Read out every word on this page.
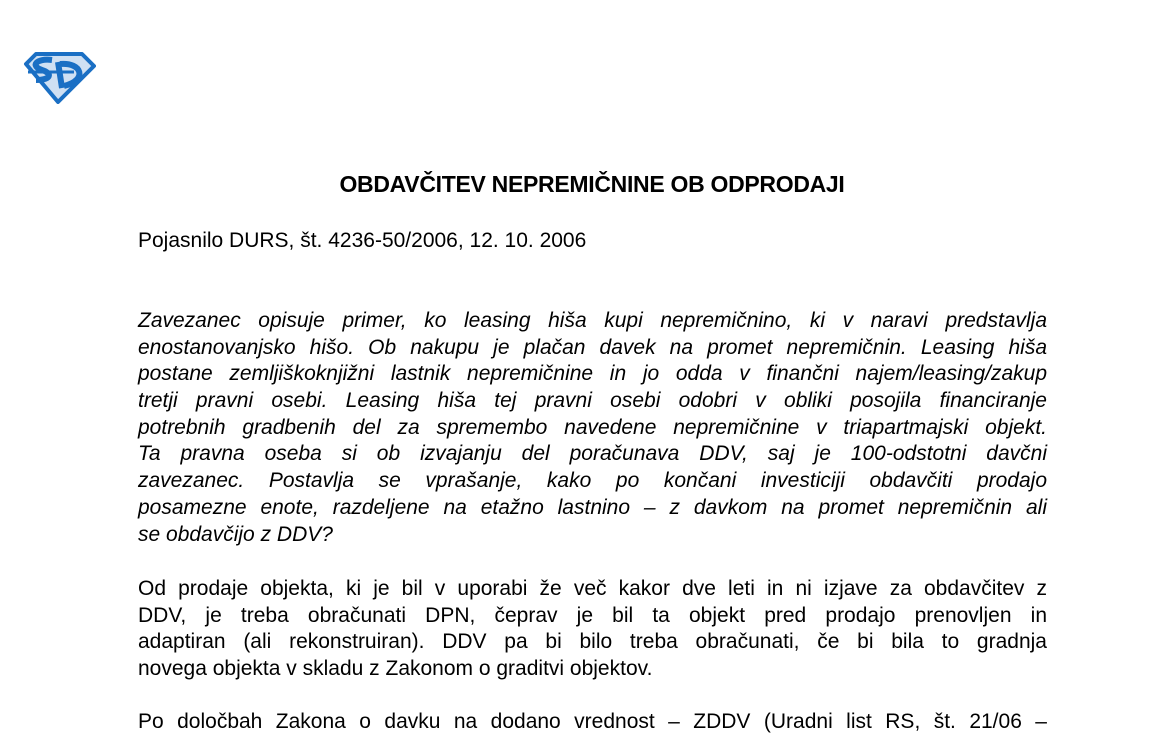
OBDAVČITEV NEPREMIČNINE OB ODPRODAJI
Pojasnilo DURS, št. 4236-50/2006, 12. 10. 2006
Zavezanec opisuje primer, ko leasing hiša kupi nepremičnino, ki v naravi predstavlja
enostanovanjsko hišo. Ob nakupu je plačan davek na promet nepremičnin. Leasing hiša
postane zemljiškoknjižni lastnik nepremičnine in jo odda v finančni najem/leasing/zakup
tretji pravni osebi. Leasing hiša tej pravni osebi odobri v obliki posojila financiranje
potrebnih gradbenih del za spremembo navedene nepremičnine v triapartmajski objekt.
Ta pravna oseba si ob izvajanju del poračunava DDV, saj je 100-odstotni davčni
zavezanec. Postavlja se vprašanje, kako po končani investiciji obdavčiti prodajo
posamezne enote, razdeljene na etažno lastnino – z davkom na promet nepremičnin ali
se obdavčijo z DDV?
Od prodaje objekta, ki je bil v uporabi že več kakor dve leti in ni izjave za obdavčitev z
DDV, je treba obračunati DPN, čeprav je bil ta objekt pred prodajo prenovljen in
adaptiran (ali rekonstruiran). DDV pa bi bilo treba obračunati, če bi bila to gradnja
novega objekta v skladu z Zakonom o graditvi objektov.
Po določbah Zakona o davku na dodano vrednost – ZDDV (Uradni list RS, št. 21/06 –
